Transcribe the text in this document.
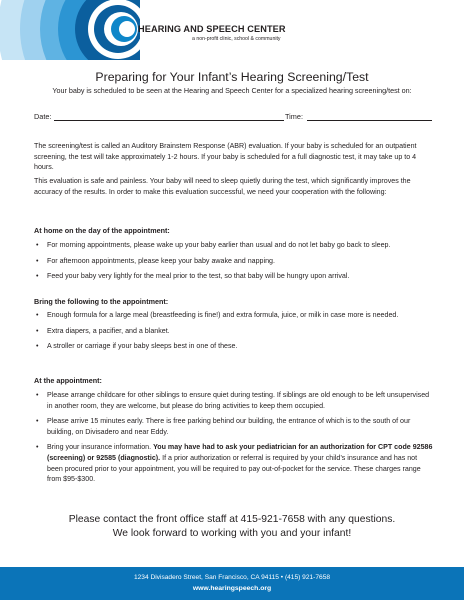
HEARING AND SPEECH CENTER
a non-profit clinic, school & community
Preparing for Your Infant’s Hearing Screening/Test
Your baby is scheduled to be seen at the Hearing and Speech Center for a specialized hearing screening/test on:
Date:	Time:

The screening/test is called an Auditory Brainstem Response (ABR) evaluation. If your baby is scheduled for an outpatient screening, the test will take approximately 1-2 hours. If your baby is scheduled for a full diagnostic test, it may take up to 4 hours.

This evaluation is safe and painless. Your baby will need to sleep quietly during the test, which significantly improves the accuracy of the results. In order to make this evaluation successful, we need your cooperation with the following:

At home on the day of the appointment:
• For morning appointments, please wake up your baby earlier than usual and do not let baby go back to sleep.
• For afternoon appointments, please keep your baby awake and napping.
• Feed your baby very lightly for the meal prior to the test, so that baby will be hungry upon arrival.
Bring the following to the appointment:
• Enough formula for a large meal (breastfeeding is fine!) and extra formula, juice, or milk in case more is needed.
• Extra diapers, a pacifier, and a blanket.
• A stroller or carriage if your baby sleeps best in one of these.
At the appointment:
• Please arrange childcare for other siblings to ensure quiet during testing. If siblings are old enough to be left unsupervised in another room, they are welcome, but please do bring activities to keep them occupied.
• Please arrive 15 minutes early. There is free parking behind our building, the entrance of which is to the south of our building, on Divisadero and near Eddy.
• Bring your insurance information. You may have had to ask your pediatrician for an authorization for CPT code 92586 (screening) or 92585 (diagnostic). If a prior authorization or referral is required by your child’s insurance and has not been procured prior to your appointment, you will be required to pay out-of-pocket for the service. These charges range from $95-$300.
Please contact the front office staff at 415-921-7658 with any questions.
We look forward to working with you and your infant!
1234 Divisadero Street, San Francisco, CA 94115 • (415) 921-7658
www.hearingspeech.org
